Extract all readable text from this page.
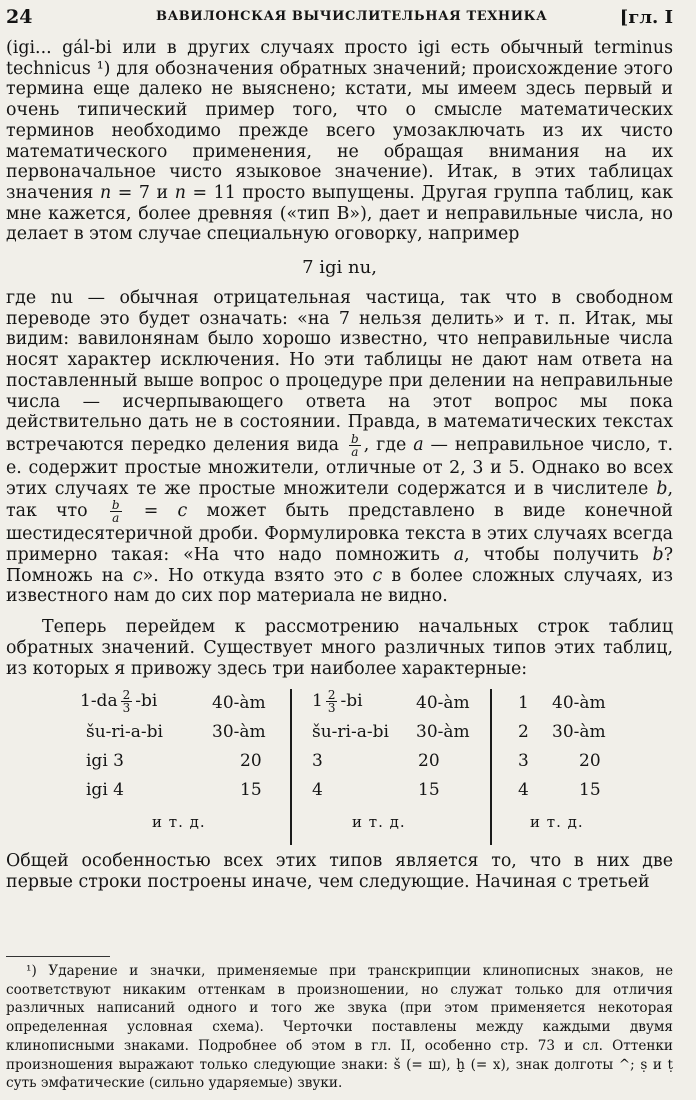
24	ВАВИЛОНСКАЯ ВЫЧИСЛИТЕЛЬНАЯ ТЕХНИКА	[гл. I

(igi... gál-bi или в других случаях просто igi есть обычный terminus technicus ¹) для обозначения обратных значений; происхождение этого термина еще далеко не выяснено; кстати, мы имеем здесь первый и очень типический пример того, что о смысле математических терминов необходимо прежде всего умозаключать из их чисто математического применения, не обращая внимания на их первоначальное чисто языковое значение). Итак, в этих таблицах значения n = 7 и n = 11 просто выпущены. Другая группа таблиц, как мне кажется, более древняя («тип B»), дает и неправильные числа, но делает в этом случае специальную оговорку, например

7 igi nu,

где nu — обычная отрицательная частица, так что в свободном переводе это будет означать: «на 7 нельзя делить» и т. п. Итак, мы видим: вавилонянам было хорошо известно, что неправильные числа носят характер исключения. Но эти таблицы не дают нам ответа на поставленный выше вопрос о процедуре при делении на неправильные числа — исчерпывающего ответа на этот вопрос мы пока действительно дать не в состоянии. Правда, в математических текстах встречаются передко деления вида $\frac{b}{a}$ , где a — неправильное число, т. е. содержит простые множители, отличные от 2, 3 и 5. Однако во всех этих случаях те же простые множители содержатся и в числителе b, так что $\frac{b}{a} = c$ может быть представлено в виде конечной шестидесятеричной дроби. Формулировка текста в этих случаях всегда примерно такая: «На что надо помножить a, чтобы получить b? Помножь на c». Но откуда взято это c в более сложных случаях, из известного нам до сих пор материала не видно.

Теперь перейдем к рассмотрению начальных строк таблиц обратных значений. Существует много различных типов этих таблиц, из которых я привожу здесь три наиболее характерные:

$1-da \frac{2}{3} -bi$	40-àm
šu-ri-a-bi	30-àm
igi 3	20
igi 4	15
и т. д.
$1 \frac{2}{3} -bi$	40-àm
šu-ri-a-bi 30-àm
3	20
4	15
и т. д.
1 40-àm
2 30-àm
3	20
4	15
и т. д.

Общей особенностью всех этих типов является то, что в них две первые строки построены иначе, чем следующие. Начиная с третьей

¹) Ударение и значки, применяемые при транскрипции клинописных знаков, не соответствуют никаким оттенкам в произношении, но служат только для отличия различных написаний одного и того же звука (при этом применяется некоторая определенная условная схема). Черточки поставлены между каждыми двумя клинописными знаками. Подробнее об этом в гл. II, особенно стр. 73 и сл. Оттенки произношения выражают только следующие знаки: š (= ш), ḫ (= х), знак долготы ^; ṣ и ṭ суть эмфатические (сильно ударяемые) звуки.
